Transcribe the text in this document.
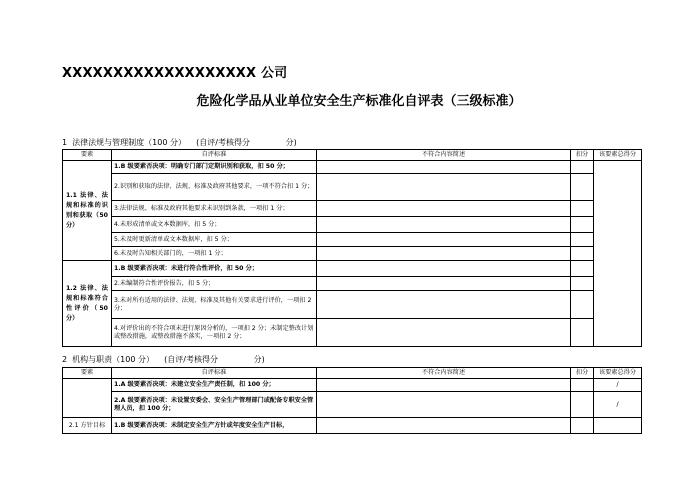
XXXXXXXXXXXXXXXXXXX 公司
危险化学品从业单位安全生产标准化自评表（三级标准）
1  法律法规与管理制度（100 分）    (自评/考核得分              分)
要素	自评标准	不符合内容简述	扣分	该要素总得分
1.1 法律、法规和标准的识别和获取（50 分）	1.B 级要素否决项：明确专门部门定期识别和获取，扣 50 分；			
	2.识别和获取的法律、法规、标准及政府其他要求，一项不符合扣 1 分；			
	3.法律法规、标准及政府其他要求未识别到条款，一项扣 1 分；			
	4.未形成清单或文本数据库，扣 5 分；			
	5.未及时更新清单或文本数据库，扣 5 分；			
	6.未及时告知相关部门的，一项扣 1 分；			
1.2 法律、法规和标准符合性评价（50 分）	1.B 级要素否决项：未进行符合性评价，扣 50 分；			
	2.未编制符合性评价报告，扣 5 分；			
	3.未对所有适用的法律、法规、标准及其他有关要求进行评价，一项扣 2 分；			
	4.对评价出的不符合项未进行原因分析的，一项扣 2 分；未制定整改计划或整改措施，或整改措施不落实，一项扣 2 分；			
2  机构与职责（100 分）    (自评/考核得分              分)
要素	自评标准	不符合内容简述	扣分	该要素总得分
	1.A 级要素否决项：未建立安全生产责任制，扣 100 分；			/
	2.A 级要素否决项：未设置安委会、安全生产管理部门或配备专职安全管理人员，扣 100 分；			/
2.1 方针目标	1.B 级要素否决项：未制定安全生产方针或年度安全生产目标，			
